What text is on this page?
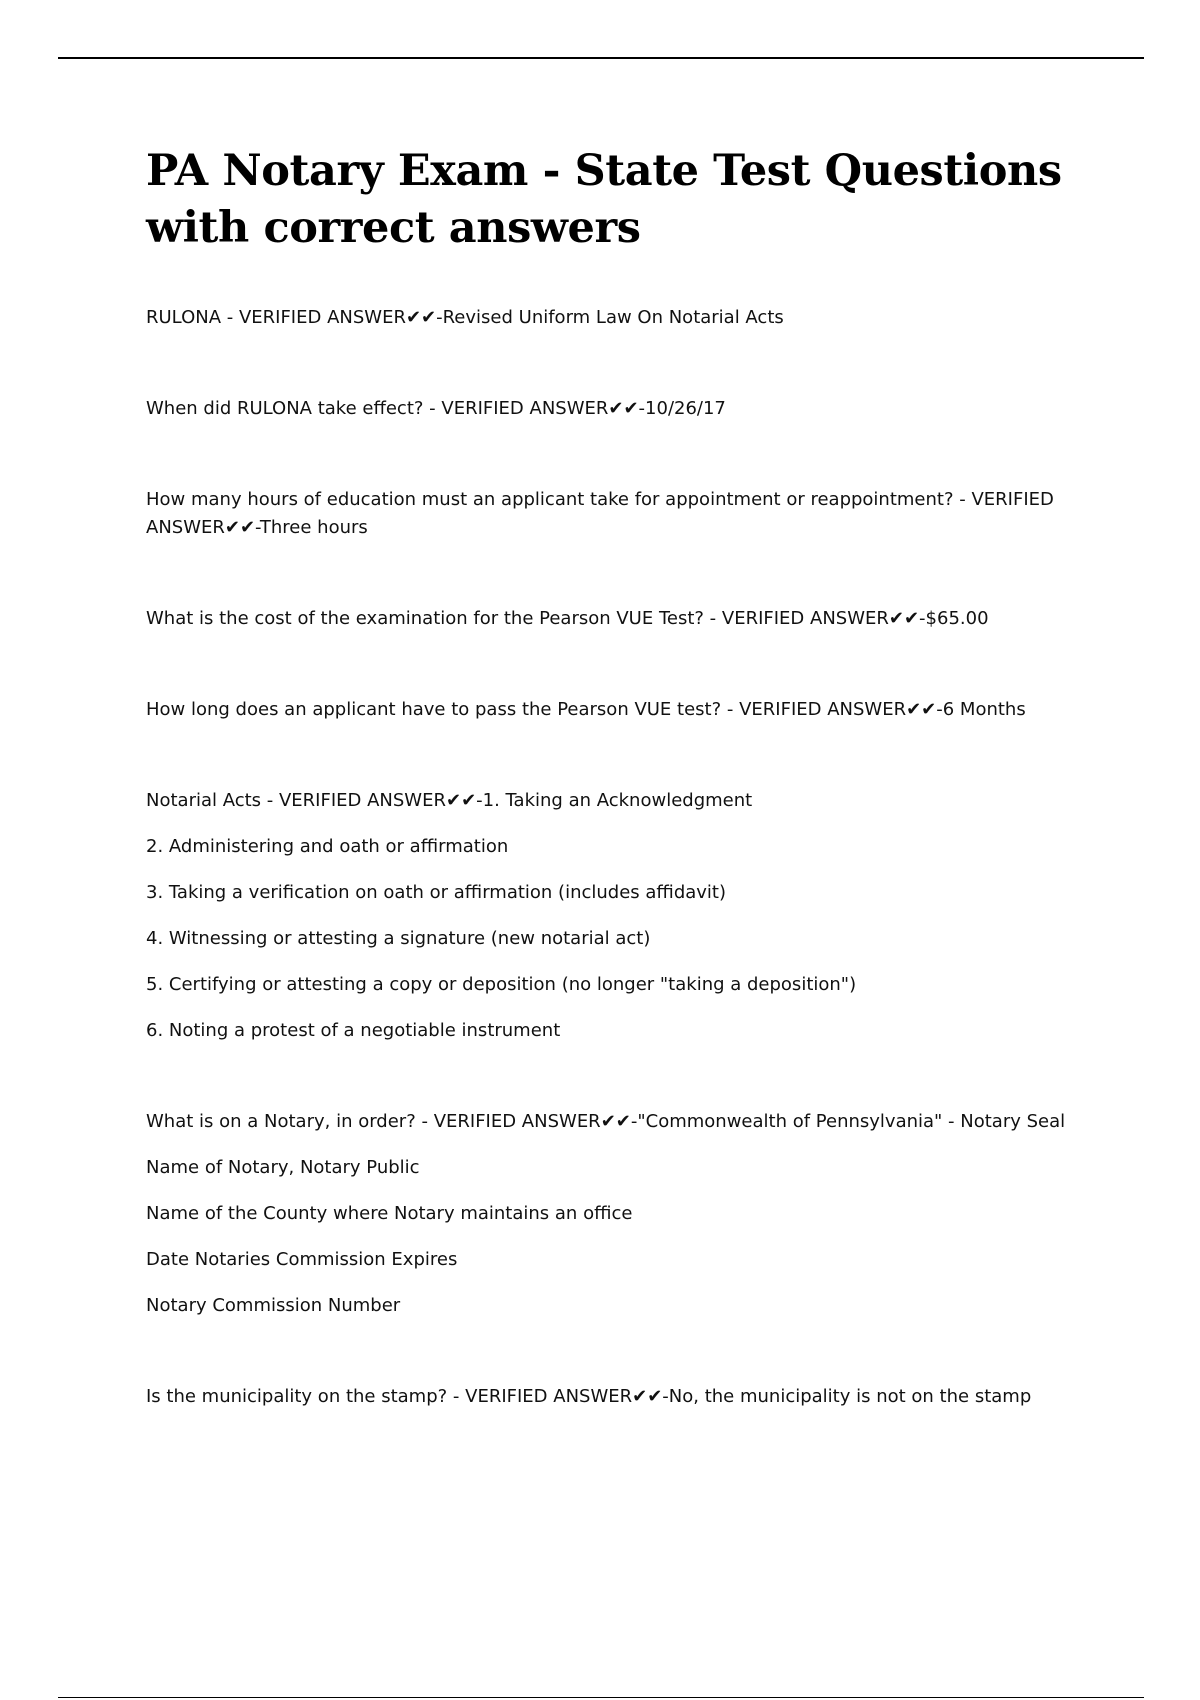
PA Notary Exam - State Test Questions with correct answers

RULONA - VERIFIED ANSWER✔✔-Revised Uniform Law On Notarial Acts

When did RULONA take effect? - VERIFIED ANSWER✔✔-10/26/17

How many hours of education must an applicant take for appointment or reappointment? - VERIFIED ANSWER✔✔-Three hours

What is the cost of the examination for the Pearson VUE Test? - VERIFIED ANSWER✔✔-$65.00

How long does an applicant have to pass the Pearson VUE test? - VERIFIED ANSWER✔✔-6 Months

Notarial Acts - VERIFIED ANSWER✔✔-1. Taking an Acknowledgment

2. Administering and oath or affirmation

3. Taking a verification on oath or affirmation (includes affidavit)

4. Witnessing or attesting a signature (new notarial act)

5. Certifying or attesting a copy or deposition (no longer "taking a deposition")

6. Noting a protest of a negotiable instrument

What is on a Notary, in order? - VERIFIED ANSWER✔✔-"Commonwealth of Pennsylvania" - Notary Seal

Name of Notary, Notary Public

Name of the County where Notary maintains an office

Date Notaries Commission Expires

Notary Commission Number

Is the municipality on the stamp? - VERIFIED ANSWER✔✔-No, the municipality is not on the stamp
